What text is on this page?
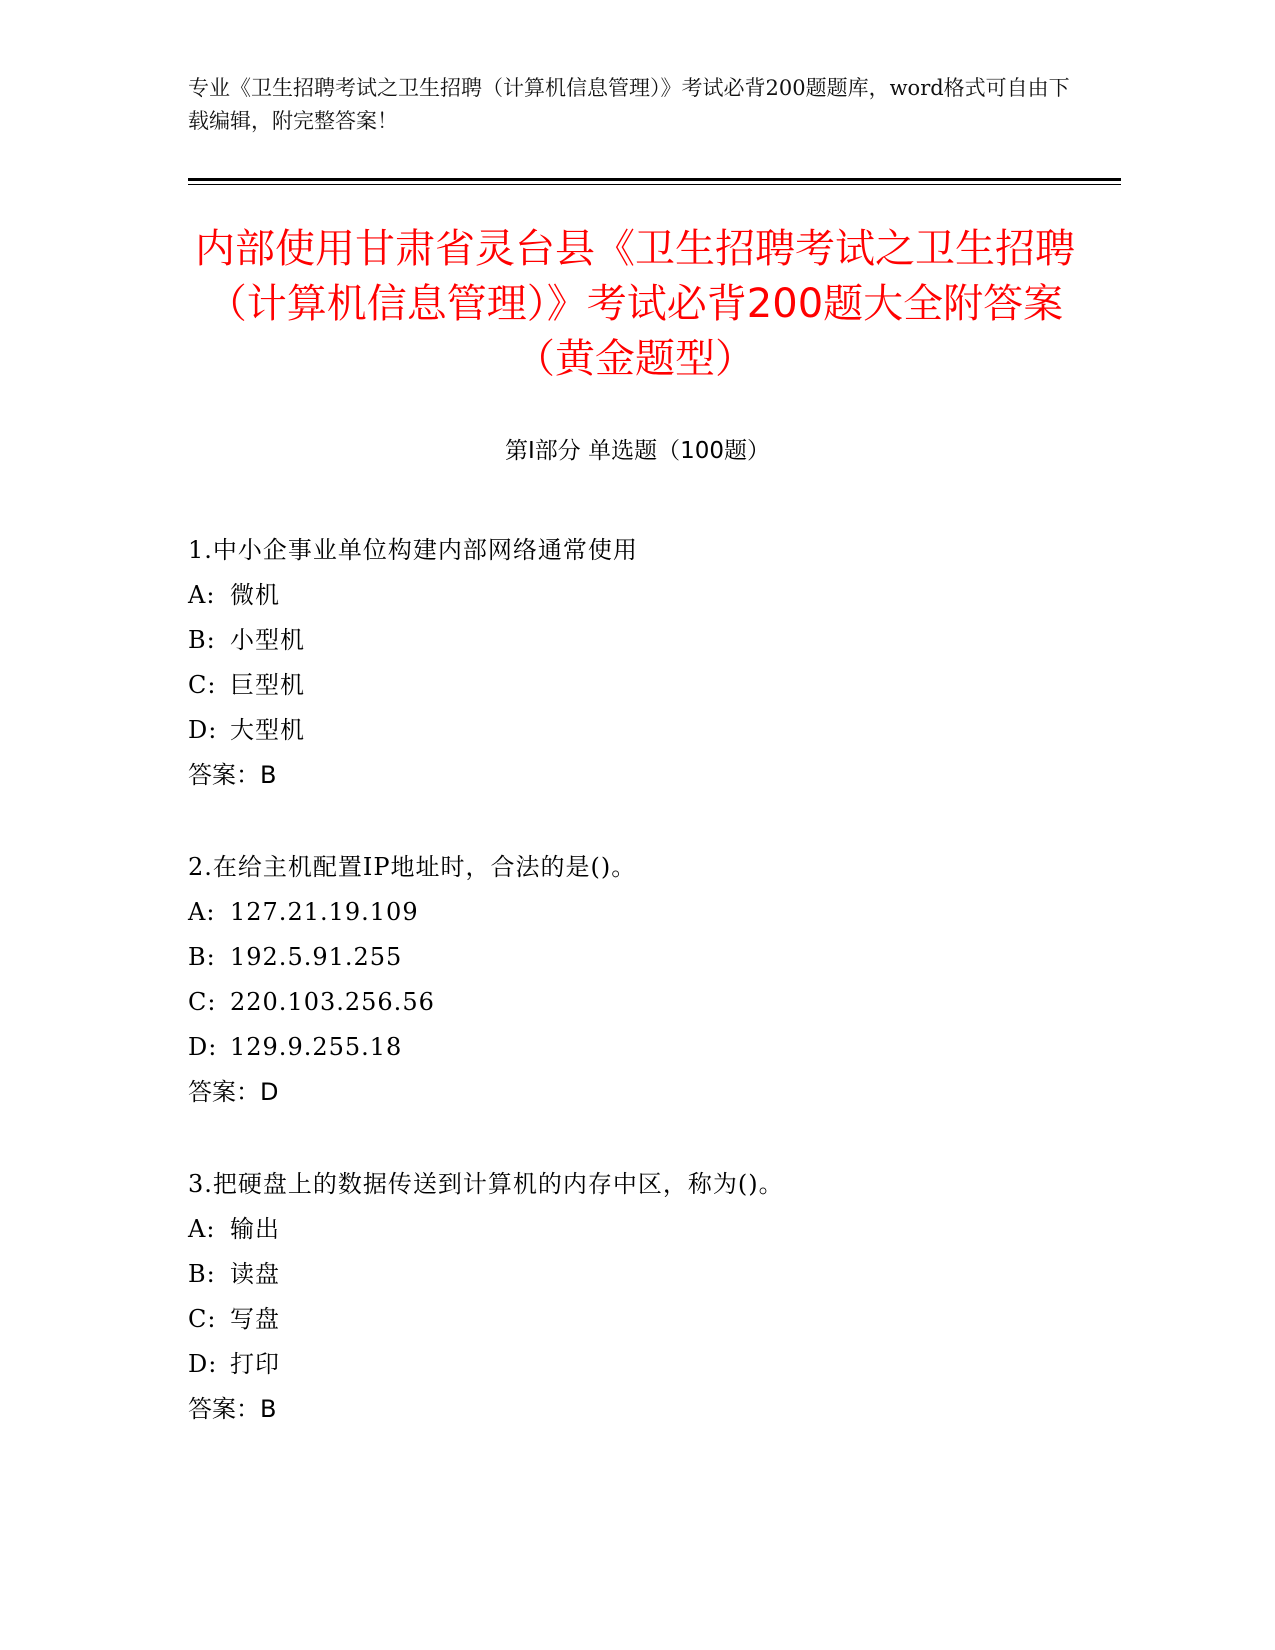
专业《卫生招聘考试之卫生招聘（计算机信息管理）》考试必背200题题库，word格式可自由下载编辑，附完整答案！
内部使用甘肃省灵台县《卫生招聘考试之卫生招聘（计算机信息管理）》考试必背200题大全附答案（黄金题型）
第Ⅰ部分 单选题（100题）
1.中小企事业单位构建内部网络通常使用
A: 微机
B: 小型机
C: 巨型机
D: 大型机
答案：B
2.在给主机配置IP地址时，合法的是()。
A: 127.21.19.109
B: 192.5.91.255
C: 220.103.256.56
D: 129.9.255.18
答案：D
3.把硬盘上的数据传送到计算机的内存中区，称为()。
A: 输出
B: 读盘
C: 写盘
D: 打印
答案：B
